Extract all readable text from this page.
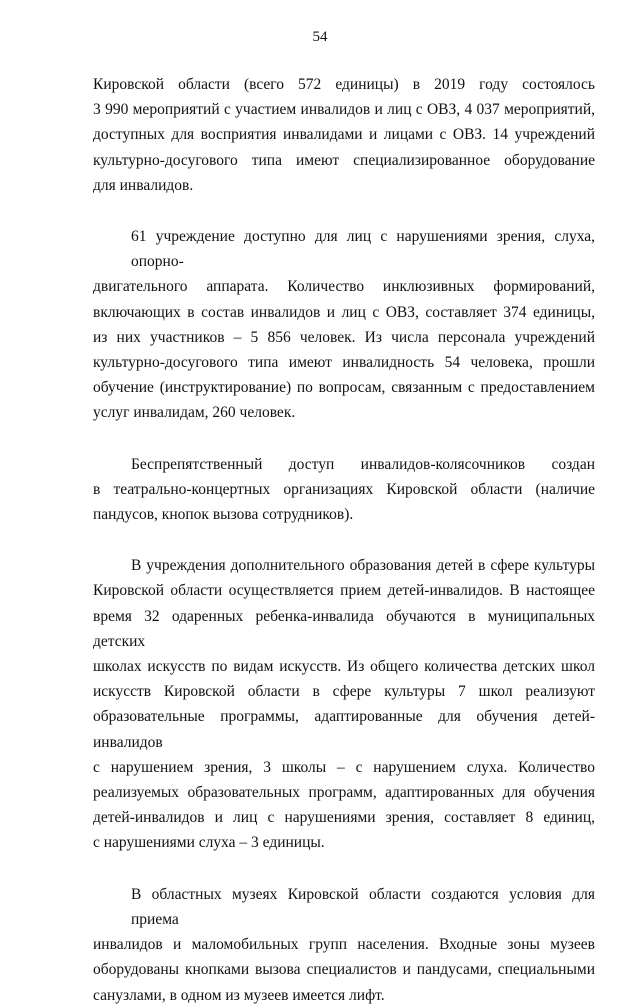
54

Кировской области (всего 572 единицы) в 2019 году состоялось
3 990 мероприятий с участием инвалидов и лиц с ОВЗ, 4 037 мероприятий,
доступных для восприятия инвалидами и лицами с ОВЗ. 14 учреждений
культурно-досугового типа имеют специализированное оборудование
для инвалидов.

61 учреждение доступно для лиц с нарушениями зрения, слуха, опорно-
двигательного аппарата. Количество инклюзивных формирований,
включающих в состав инвалидов и лиц с ОВЗ, составляет 374 единицы,
из них участников – 5 856 человек. Из числа персонала учреждений
культурно-досугового типа имеют инвалидность 54 человека, прошли
обучение (инструктирование) по вопросам, связанным с предоставлением
услуг инвалидам, 260 человек.

Беспрепятственный доступ инвалидов-колясочников создан
в театрально-концертных организациях Кировской области (наличие
пандусов, кнопок вызова сотрудников).

В учреждения дополнительного образования детей в сфере культуры
Кировской области осуществляется прием детей-инвалидов. В настоящее
время 32 одаренных ребенка-инвалида обучаются в муниципальных детских
школах искусств по видам искусств. Из общего количества детских школ
искусств Кировской области в сфере культуры 7 школ реализуют
образовательные программы, адаптированные для обучения детей-инвалидов
с нарушением зрения, 3 школы – с нарушением слуха. Количество
реализуемых образовательных программ, адаптированных для обучения
детей-инвалидов и лиц с нарушениями зрения, составляет 8 единиц,
с нарушениями слуха – 3 единицы.

В областных музеях Кировской области создаются условия для приема
инвалидов и маломобильных групп населения. Входные зоны музеев
оборудованы кнопками вызова специалистов и пандусами, специальными
санузлами, в одном из музеев имеется лифт.
